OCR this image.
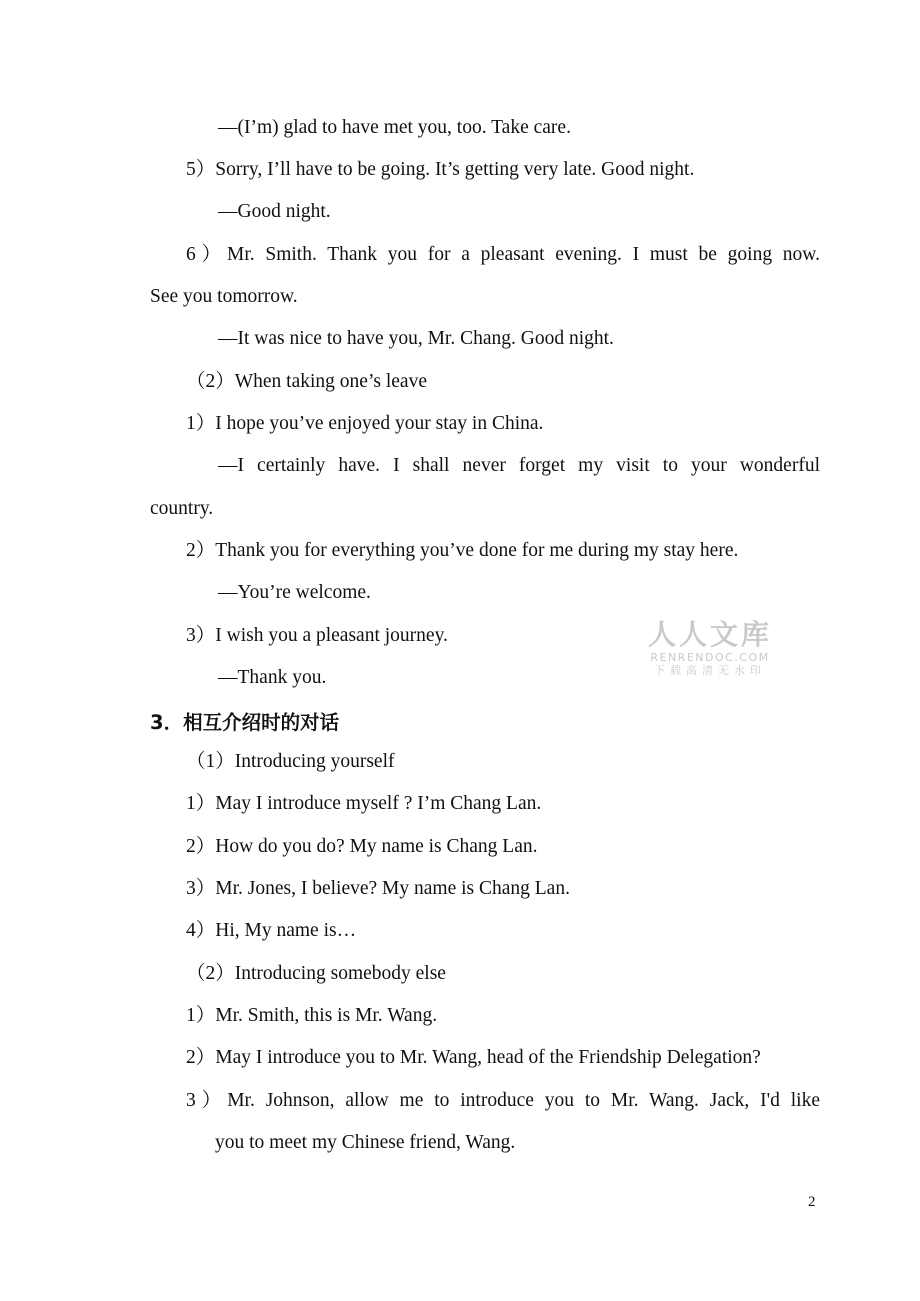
—(I’m) glad to have met you, too. Take care.
5）Sorry, I’ll have to be going. It’s getting very late. Good night.
—Good night.
6）Mr. Smith. Thank you for a pleasant evening. I must be going now.
See you tomorrow.
—It was nice to have you, Mr. Chang. Good night.
（2）When taking one’s leave
1）I hope you’ve enjoyed your stay in China.
—I certainly have. I shall never forget my visit to your wonderful
country.
2）Thank you for everything you’ve done for me during my stay here.
—You’re welcome.
3）I wish you a pleasant journey.
—Thank you.
3．相互介绍时的对话
（1）Introducing yourself
1）May I introduce myself ? I’m Chang Lan.
2）How do you do? My name is Chang Lan.
3）Mr. Jones, I believe? My name is Chang Lan.
4）Hi, My name is…
（2）Introducing somebody else
1）Mr. Smith, this is Mr. Wang.
2）May I introduce you to Mr. Wang, head of the Friendship Delegation?
3）Mr. Johnson, allow me to introduce you to Mr. Wang. Jack, I'd like
you to meet my Chinese friend, Wang.
2
人人文库
RENRENDOC.COM
下载高清无水印
